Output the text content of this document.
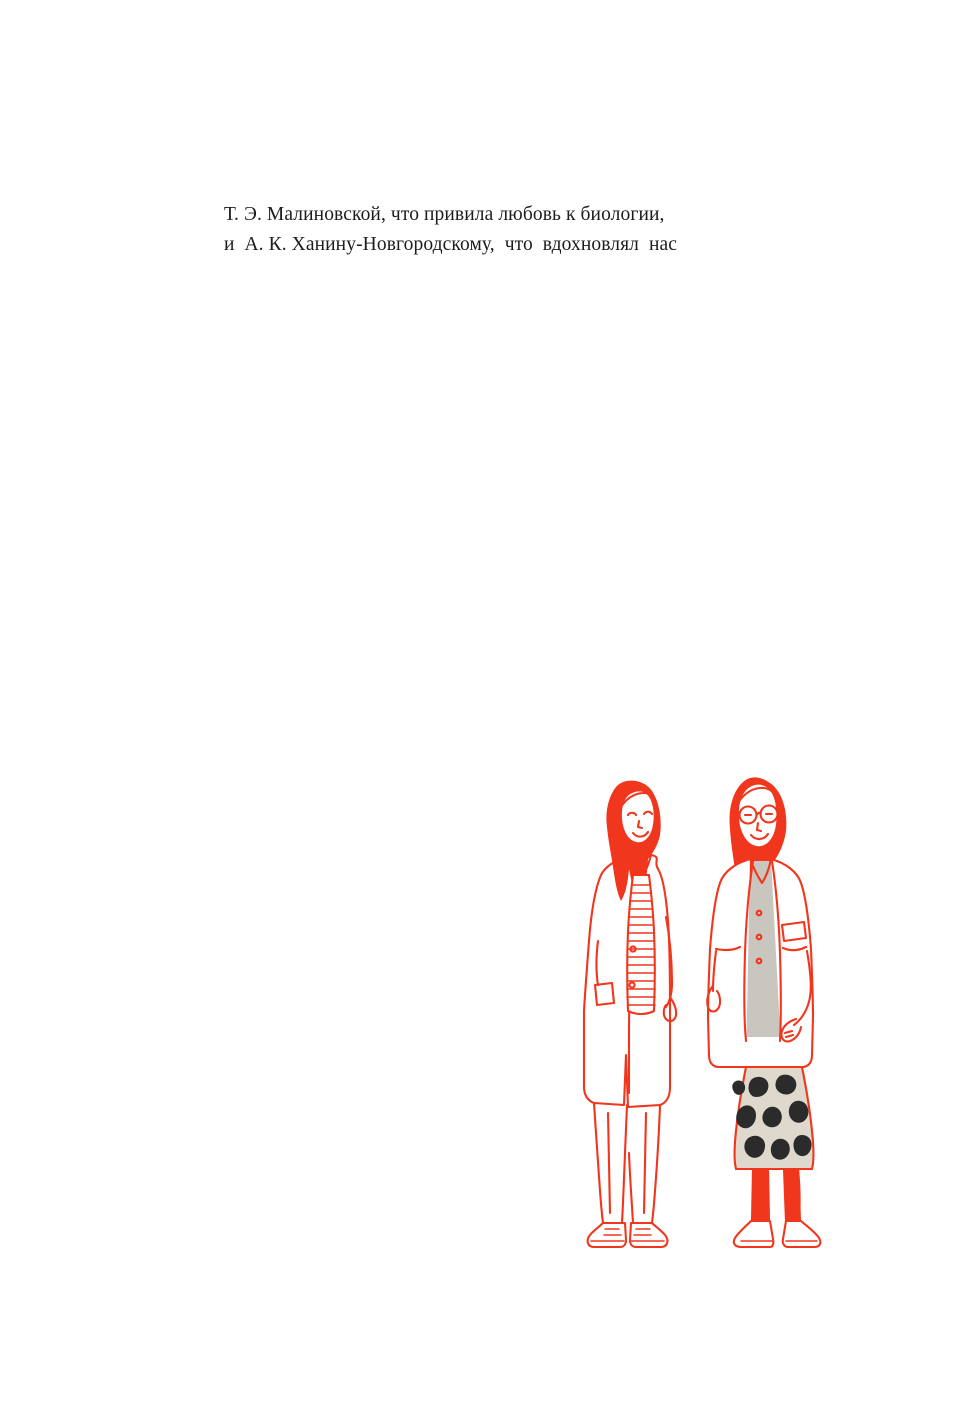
Т. Э. Малиновской, что привила любовь к биологии,
и  А. К. Ханину-Новгородскому,  что  вдохновлял  нас
